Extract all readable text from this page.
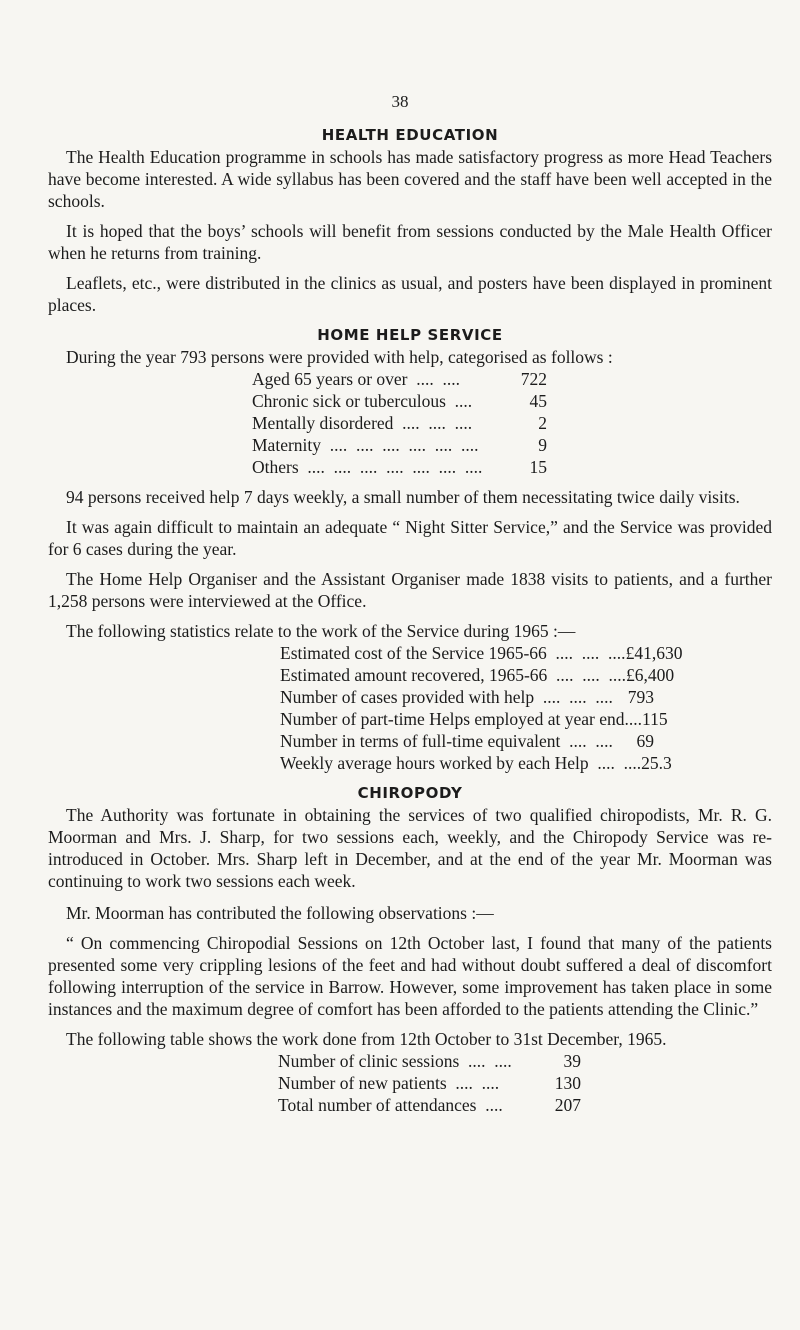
38
HEALTH EDUCATION

The Health Education programme in schools has made satisfactory progress as more Head Teachers have become interested. A wide syllabus has been covered and the staff have been well accepted in the schools.

It is hoped that the boys’ schools will benefit from sessions conducted by the Male Health Officer when he returns from training.

Leaflets, etc., were distributed in the clinics as usual, and posters have been displayed in prominent places.

HOME HELP SERVICE

During the year 793 persons were provided with help, categorised as follows :

Aged 65 years or over  ....  ....	722
Chronic sick or tuberculous  ....	45
Mentally disordered  ....  ....  ....	2
Maternity  ....  ....  ....  ....  ....  ....	9
Others  ....  ....  ....  ....  ....  ....  ....	15

94 persons received help 7 days weekly, a small number of them necessitating twice daily visits.

It was again difficult to maintain an adequate “ Night Sitter Service,” and the Service was provided for 6 cases during the year.

The Home Help Organiser and the Assistant Organiser made 1838 visits to patients, and a further 1,258 persons were interviewed at the Office.

The following statistics relate to the work of the Service during 1965 :—

Estimated cost of the Service 1965-66  ....  ....  .... £41,630
Estimated amount recovered, 1965-66  ....  ....  .... £6,400
Number of cases provided with help  ....  ....  .... 793
Number of part-time Helps employed at year end.... 115
Number in terms of full-time equivalent  ....  .... 69
Weekly average hours worked by each Help  ....  .... 25.3
CHIROPODY

The Authority was fortunate in obtaining the services of two qualified chiropodists, Mr. R. G. Moorman and Mrs. J. Sharp, for two sessions each, weekly, and the Chiropody Service was re-introduced in October. Mrs. Sharp left in December, and at the end of the year Mr. Moorman was continuing to work two sessions each week.

Mr. Moorman has contributed the following observations :—

“ On commencing Chiropodial Sessions on 12th October last, I found that many of the patients presented some very crippling lesions of the feet and had without doubt suffered a deal of discomfort following interruption of the service in Barrow. However, some improvement has taken place in some instances and the maximum degree of comfort has been afforded to the patients attending the Clinic.”

The following table shows the work done from 12th October to 31st December, 1965.

Number of clinic sessions  ....  ....	39
Number of new patients  ....  ....	130
Total number of attendances  ....	207
